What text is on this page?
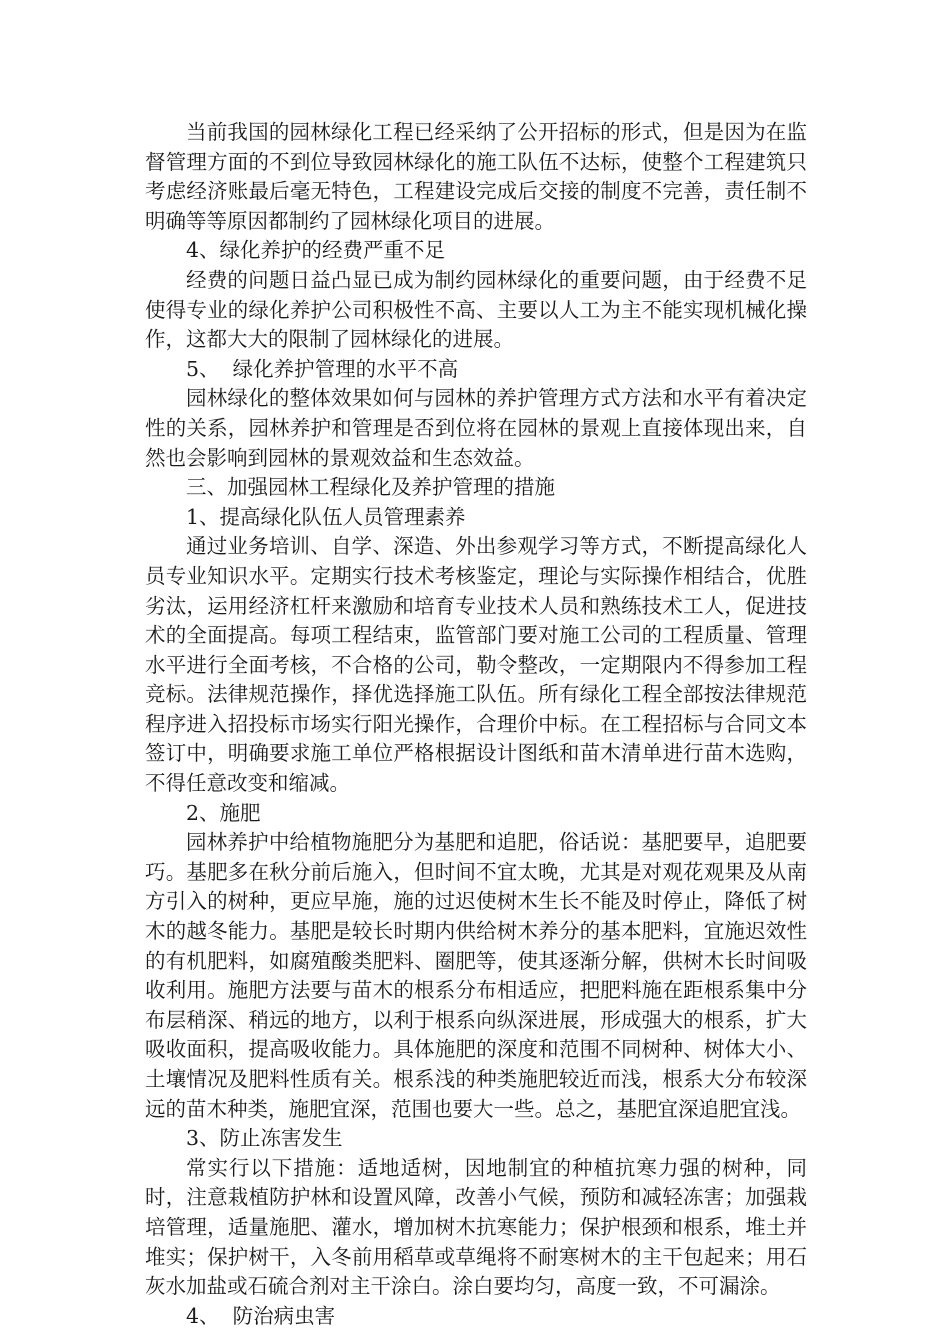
当前我国的园林绿化工程已经采纳了公开招标的形式，但是因为在监督管理方面的不到位导致园林绿化的施工队伍不达标，使整个工程建筑只考虑经济账最后毫无特色，工程建设完成后交接的制度不完善，责任制不明确等等原因都制约了园林绿化项目的进展。

4、绿化养护的经费严重不足

经费的问题日益凸显已成为制约园林绿化的重要问题，由于经费不足使得专业的绿化养护公司积极性不高、主要以人工为主不能实现机械化操作，这都大大的限制了园林绿化的进展。

5、  绿化养护管理的水平不高

园林绿化的整体效果如何与园林的养护管理方式方法和水平有着决定性的关系，园林养护和管理是否到位将在园林的景观上直接体现出来，自然也会影响到园林的景观效益和生态效益。

三、加强园林工程绿化及养护管理的措施

1、提高绿化队伍人员管理素养

通过业务培训、自学、深造、外出参观学习等方式，不断提高绿化人员专业知识水平。定期实行技术考核鉴定，理论与实际操作相结合，优胜劣汰，运用经济杠杆来激励和培育专业技术人员和熟练技术工人，促进技术的全面提高。每项工程结束，监管部门要对施工公司的工程质量、管理水平进行全面考核，不合格的公司，勒令整改，一定期限内不得参加工程竞标。法律规范操作，择优选择施工队伍。所有绿化工程全部按法律规范程序进入招投标市场实行阳光操作，合理价中标。在工程招标与合同文本签订中，明确要求施工单位严格根据设计图纸和苗木清单进行苗木选购，不得任意改变和缩减。

2、施肥

园林养护中给植物施肥分为基肥和追肥，俗话说：基肥要早，追肥要巧。基肥多在秋分前后施入，但时间不宜太晚，尤其是对观花观果及从南方引入的树种，更应早施，施的过迟使树木生长不能及时停止，降低了树木的越冬能力。基肥是较长时期内供给树木养分的基本肥料，宜施迟效性的有机肥料，如腐殖酸类肥料、圈肥等，使其逐渐分解，供树木长时间吸收利用。施肥方法要与苗木的根系分布相适应，把肥料施在距根系集中分布层稍深、稍远的地方，以利于根系向纵深进展，形成强大的根系，扩大吸收面积，提高吸收能力。具体施肥的深度和范围不同树种、树体大小、土壤情况及肥料性质有关。根系浅的种类施肥较近而浅，根系大分布较深远的苗木种类，施肥宜深，范围也要大一些。总之，基肥宜深追肥宜浅。

3、防止冻害发生

常实行以下措施：适地适树，因地制宜的种植抗寒力强的树种，同时，注意栽植防护林和设置风障，改善小气候，预防和减轻冻害；加强栽培管理，适量施肥、灌水，增加树木抗寒能力；保护根颈和根系，堆土并堆实；保护树干，入冬前用稻草或草绳将不耐寒树木的主干包起来；用石灰水加盐或石硫合剂对主干涂白。涂白要均匀，高度一致，不可漏涂。

4、  防治病虫害
